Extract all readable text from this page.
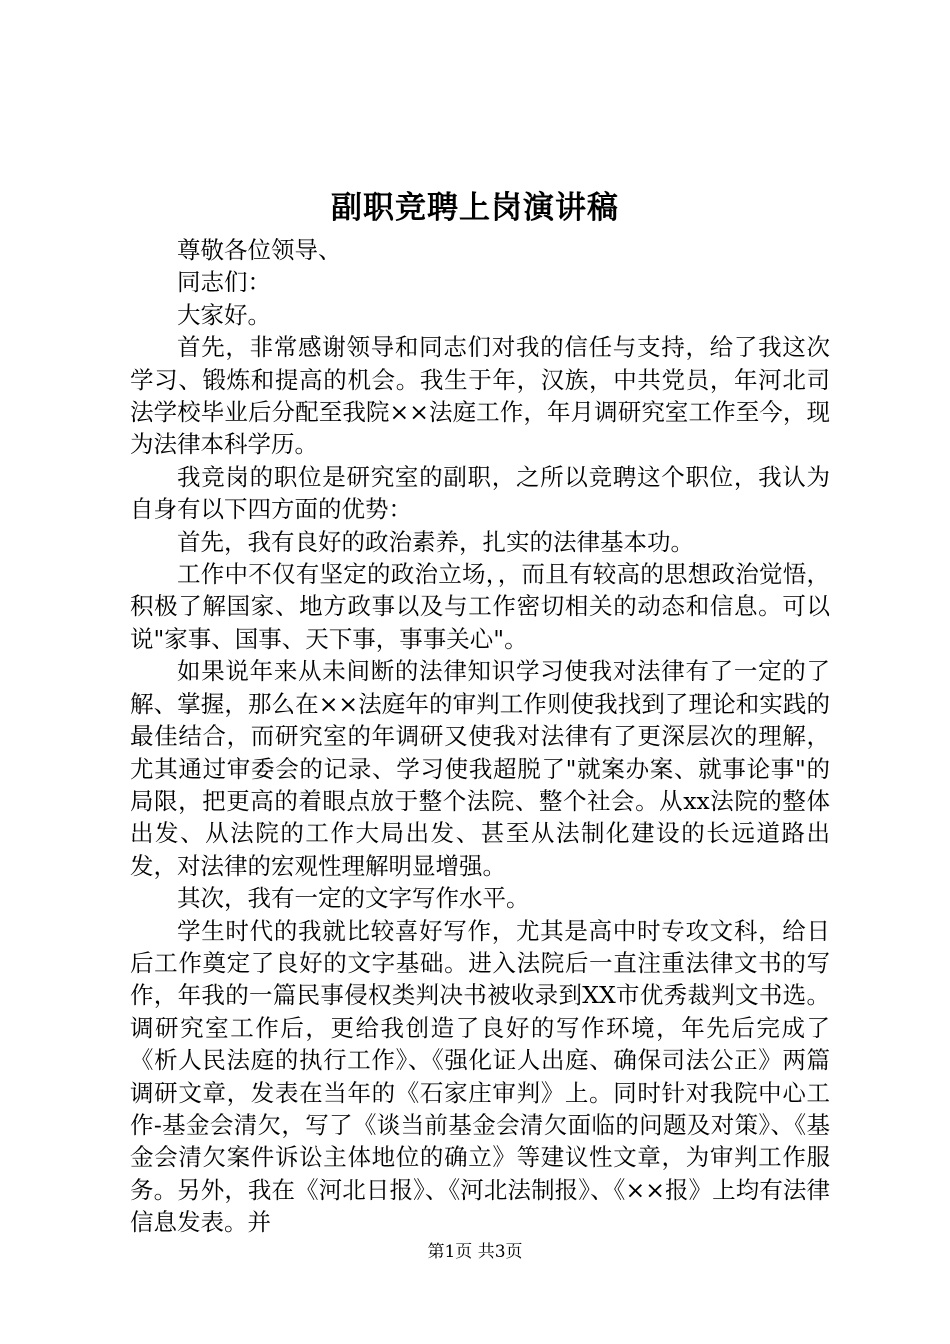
副职竞聘上岗演讲稿

尊敬各位领导、

同志们：

大家好。

首先，非常感谢领导和同志们对我的信任与支持，给了我这次学习、锻炼和提高的机会。我生于年，汉族，中共党员，年河北司法学校毕业后分配至我院××法庭工作，年月调研究室工作至今，现为法律本科学历。

我竞岗的职位是研究室的副职，之所以竞聘这个职位，我认为自身有以下四方面的优势：

首先，我有良好的政治素养，扎实的法律基本功。

工作中不仅有坚定的政治立场，，而且有较高的思想政治觉悟，积极了解国家、地方政事以及与工作密切相关的动态和信息。可以说"家事、国事、天下事，事事关心"。

如果说年来从未间断的法律知识学习使我对法律有了一定的了解、掌握，那么在××法庭年的审判工作则使我找到了理论和实践的最佳结合，而研究室的年调研又使我对法律有了更深层次的理解，尤其通过审委会的记录、学习使我超脱了"就案办案、就事论事"的局限，把更高的着眼点放于整个法院、整个社会。从xx法院的整体出发、从法院的工作大局出发、甚至从法制化建设的长远道路出发，对法律的宏观性理解明显增强。

其次，我有一定的文字写作水平。

学生时代的我就比较喜好写作，尤其是高中时专攻文科，给日后工作奠定了良好的文字基础。进入法院后一直注重法律文书的写作，年我的一篇民事侵权类判决书被收录到XX市优秀裁判文书选。调研究室工作后，更给我创造了良好的写作环境，年先后完成了《析人民法庭的执行工作》、《强化证人出庭、确保司法公正》两篇调研文章，发表在当年的《石家庄审判》上。同时针对我院中心工作-基金会清欠，写了《谈当前基金会清欠面临的问题及对策》、《基金会清欠案件诉讼主体地位的确立》等建议性文章，为审判工作服务。另外，我在《河北日报》、《河北法制报》、《××报》上均有法律信息发表。并

第1页 共3页
